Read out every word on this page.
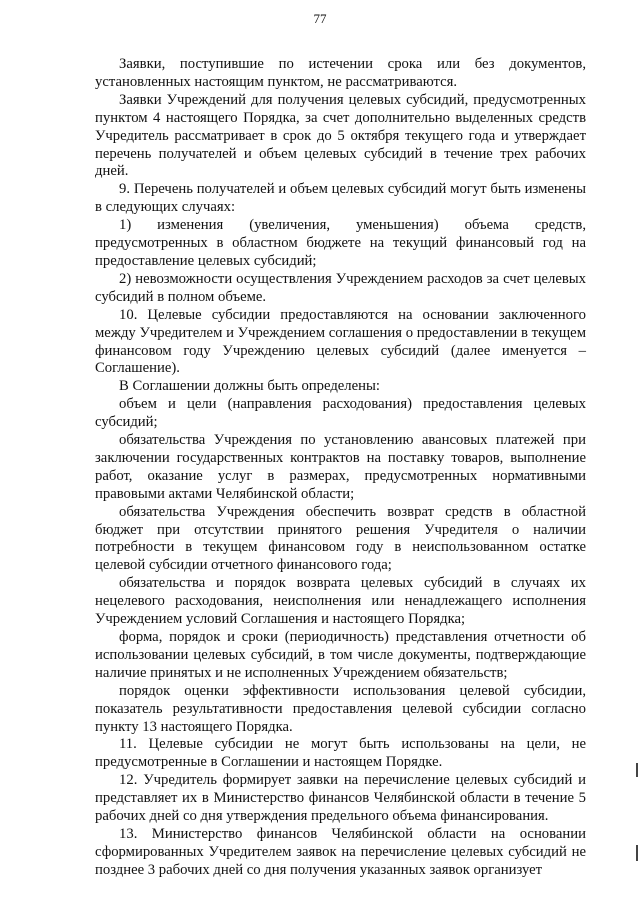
77

Заявки, поступившие по истечении срока или без документов, установленных настоящим пунктом, не рассматриваются.

Заявки Учреждений для получения целевых субсидий, предусмотренных пунктом 4 настоящего Порядка, за счет дополнительно выделенных средств Учредитель рассматривает в срок до 5 октября текущего года и утверждает перечень получателей и объем целевых субсидий в течение трех рабочих дней.

9. Перечень получателей и объем целевых субсидий могут быть изменены в следующих случаях:

1) изменения (увеличения, уменьшения) объема средств, предусмотренных в областном бюджете на текущий финансовый год на предоставление целевых субсидий;

2) невозможности осуществления Учреждением расходов за счет целевых субсидий в полном объеме.

10. Целевые субсидии предоставляются на основании заключенного между Учредителем и Учреждением соглашения о предоставлении в текущем финансовом году Учреждению целевых субсидий (далее именуется – Соглашение).

В Соглашении должны быть определены:

объем и цели (направления расходования) предоставления целевых субсидий;

обязательства Учреждения по установлению авансовых платежей при заключении государственных контрактов на поставку товаров, выполнение работ, оказание услуг в размерах, предусмотренных нормативными правовыми актами Челябинской области;

обязательства Учреждения обеспечить возврат средств в областной бюджет при отсутствии принятого решения Учредителя о наличии потребности в текущем финансовом году в неиспользованном остатке целевой субсидии отчетного финансового года;

обязательства и порядок возврата целевых субсидий в случаях их нецелевого расходования, неисполнения или ненадлежащего исполнения Учреждением условий Соглашения и настоящего Порядка;

форма, порядок и сроки (периодичность) представления отчетности об использовании целевых субсидий, в том числе документы, подтверждающие наличие принятых и не исполненных Учреждением обязательств;

порядок оценки эффективности использования целевой субсидии, показатель результативности предоставления целевой субсидии согласно пункту 13 настоящего Порядка.

11. Целевые субсидии не могут быть использованы на цели, не предусмотренные в Соглашении и настоящем Порядке.

12. Учредитель формирует заявки на перечисление целевых субсидий и представляет их в Министерство финансов Челябинской области в течение 5 рабочих дней со дня утверждения предельного объема финансирования.

13. Министерство финансов Челябинской области на основании сформированных Учредителем заявок на перечисление целевых субсидий не позднее 3 рабочих дней со дня получения указанных заявок организует
